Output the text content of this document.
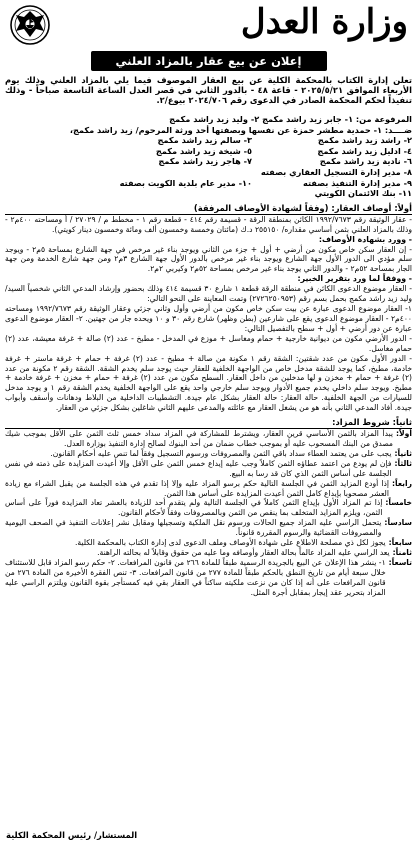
وزارة العدل
إعلان عن بيع عقار بالمزاد العلني

تعلن إدارة الكتاب بالمحكمة الكلية عن بيع العقار الموصوف فيما يلي بالمزاد العلني وذلك يوم الأربعاء الموافق ٢٠٢٥/٥/٢١ - قاعة ٤٨ - بالدور الثاني في قصر العدل الساعة التاسعة صباحاً - وذلك تنفيذاً لحكم المحكمة الصادر في الدعوى رقم ٢٠٢٤/٧٠٦ بيوع/٢.

المرفوعة من: ١- جابر زيد راشد مكمج ٢- وليد زيد راشد مكمج
ضــــد: ١- حمدية مطشر حمزة عن نفسها وبصفتها أحد ورثة المرحوم/ زيد راشد مكمج،
٢- راشد زيد راشد مكمج
٣- سالم زيد راشد مكمج
٤- ادليل زيد راشد مكمج
٥- شيخة زيد راشد مكمج
٦- نادية زيد راشد مكمج
٧- هاجر زيد راشد مكمج
٨- مدير إدارة التسجيل العقاري بصفته
٩- مدير إدارة التنفيذ بصفته
١٠- مدير عام بلدية الكويت بصفته
١١- بنك الائتمان الكويتي
أولاً: أوصاف العقار: (وفقاً لشهادة الأوصاف المرفقة)

- عقار الوثيقة رقم ١٩٩٢/٧٦٧٣ الكائن بمنطقة الرقة - قسيمة رقم ٤١٤ - قطعة رقم ١ - مخطط م / ٢٧٠٢٩ / أ ومساحته ٤٠٠م٢ - وذلك بالمزاد العلني بثمن أساسي مقداره/ ٢٥٥١٥٠ د.ك (مائتان وخمسة وخمسون ألف ومائة وخمسون دينار كويتي).

- وورد بشهادة الأوصاف:

- إن العقار سكن خاص مكون من أرضي + أول + جزء من الثاني ويوجد بناء غير مرخص في جهة الشارع بمساحة ٥م٢ - ويوجد سلم مؤدي الى الدور الأول جهة الشارع ويوجد بناء غير مرخص بالدور الأول جهة الشارع ٣م٢ ومن جهة شارع الخدمة ومن جهة الجار بمساحة ٥٢م٢ - والدور الثاني يوجد بناء غير مرخص بمساحة ٥٢م٢ وكيربي ٢م٢.

- ووفقاً لما ورد بتقرير الخبير:

- العقار موضوع الدعوى الكائن في منطقة الرقة قطعة ١ شارع ٣٠ قسيمة ٤١٤ وذلك بحضور وإرشاد المدعي الثاني شخصياً السيد/ وليد زيد راشد مكمج بحمل بسم رقم (٢٧٢٦٢٥٠٩٥٣) وتمت المعاينة على النحو التالي:

١- العقار موضوع الدعوى عبارة عن بيت سكن خاص مكون من أرضي وأول وثاني جزئي وعقار الوثيقة رقم ١٩٩٢/٧٦٧٣ ومساحته ٤٠٠م٢ - العقار موضوع الدعوى يقع على شارعين (بطن وظهر) شارع رقم ٣٠ و ١٠ ويحده جار من جهتين. ٢- العقار موضوع الدعوى عبارة عن دور أرضي + أول + سطح بالتفصيل التالي:

- الدور الأرضي مكون من ديوانية خارجية + حمام ومغاسل + موزع في المدخل - مطبخ - عدد (٢) صالة + غرفة معيشة، عدد (٢) حمام مغاسل.

- الدور الأول مكون من عدد شقتين: الشقة رقم ١ مكونة من صالة + مطبخ - عدد (٢) غرفة + حمام + غرفة ماستر + غرفة خادمة، مطبخ، كما يوجد للشقة مدخل خاص من الواجهة الخلفية للعقار حيث يوجد سلم يخدم الشقة. الشقة رقم ٢ مكونة من عدد (٢) غرفة + حمام + مخزن و لها مدخلين من داخل العقار. السطح مكون من عدد (٢) غرفة + حمام + مخزن + غرفة خادمة + مطبخ. ويوجد سلم داخلي يخدم جميع الأدوار ويوجد سلم خارجي واحد يقع على الواجهة الخلفية يخدم الشقة رقم ١ و يوجد مدخل للسيارات من الجهة الخلفية. حالة العقار: حالة العقار بشكل عام جيدة. التشطيبات الداخلية من البلاط ودهانات وأسقف وأبواب جيدة. أفاد المدعي الثاني بأنه هو من يشغل العقار مع عائلته والمدعى عليهم الثاني شاغلين بشكل جزئي من العقار.

ثانياً: شروط المزاد:
أولاً:
يبدأ المزاد بالثمن الأساسي قرين العقار، ويشترط للمشاركة في المزاد سداد خمس ثلث الثمن على الأقل بموجب شيك مصدق من البنك المسحوب عليه أو بموجب خطاب ضمان من أحد البنوك لصالح إدارة التنفيذ بوزارة العدل.
ثانياً:
يجب على من يعتمد العطاء سداد باقي الثمن والمصروفات ورسوم التسجيل وفقاً لما تنص عليه أحكام القانون.
ثالثاً:
فإن لم يودع من اعتمد عطاؤه الثمن كاملاً وجب عليه إيداع خمس الثمن على الأقل وإلا أعيدت المزايدة على ذمته في نفس الجلسة على أساس الثمن الذي كان قد رسا به البيع.
رابعاً:
إذا أودع المزايد الثمن في الجلسة التالية حكم برسو المزاد عليه وإلا إذا تقدم في هذه الجلسة من يقبل الشراء مع زيادة العشر مصحوبا بإيداع كامل الثمن أعيدت المزايدة على أساس هذا الثمن.
خامساً:
إذا تم المزاد الأول بإيداع الثمن كاملاً في الجلسة التالية ولم يتقدم أحد للزيادة بالعشر تعاد المزايدة فوراً على أساس الثمن، ويلزم المزايد المتخلف بما ينقص من الثمن وبالمصروفات وفقاً لأحكام القانون.
سادساً:
يتحمل الراسي عليه المزاد جميع الحالات ورسوم نقل الملكية وتسجيلها ومقابل نشر إعلانات التنفيذ في الصحف اليومية والمصروفات القضائية والرسوم المقررة قانوناً.
سابعاً:
يجوز لكل ذي مصلحة الاطلاع على شهادة الأوصاف وملف الدعوى لدى إدارة الكتاب بالمحكمة الكلية.
ثامناً:
يعد الراسي عليه المزاد عالماً بحالة العقار وأوصافه وما عليه من حقوق وقابلاً له بحالته الراهنة.
تاسعاً:
١- ينشر هذا الإعلان عن البيع بالجريدة الرسمية طبقاً للمادة ٢٦٦ من قانون المرافعات. ٢- حكم رسو المزاد قابل للاستئناف خلال سبعة أيام من تاريخ النطق بالحكم طبقاً للمادة ٢٧٧ من قانون المرافعات. ٣- تنص الفقرة الأخيرة من المادة ٢٧٦ من قانون المرافعات على أنه إذا كان من نزعت ملكيته ساكناً في العقار بقي فيه كمستأجر بقوة القانون ويلتزم الراسي عليه المزاد بتحرير عقد إيجار بمقابل أجرة المثل.
المستشار/ رئيس المحكمة الكلية
